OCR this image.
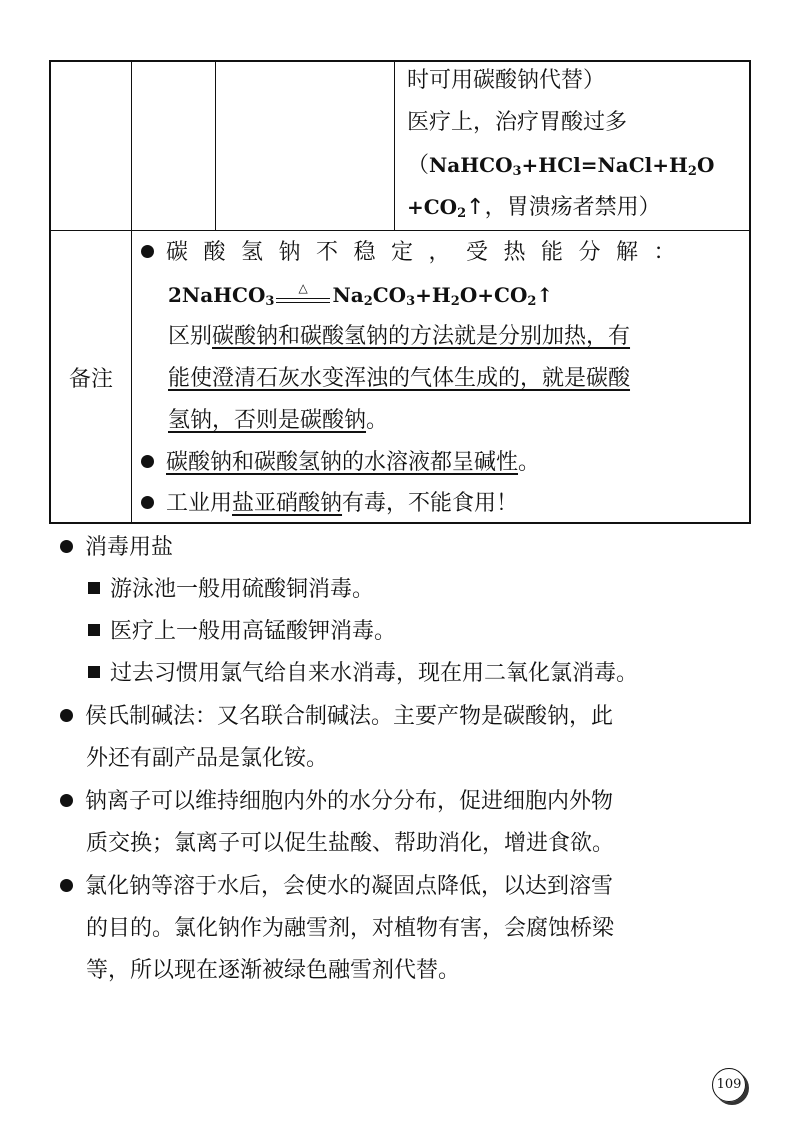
时可用碳酸钠代替）
医疗上，治疗胃酸过多
（$NaHCO_3+HCl=NaCl+H_2O$
$+CO_2↑$，胃溃疡者禁用）
备注
碳酸氢钠不稳定，受热能分解：
2NaHCO$_3$
△ $Na_2CO_3+H_2O+CO_2↑$
区别碳酸钠和碳酸氢钠的方法就是分别加热，有
能使澄清石灰水变浑浊的气体生成的，就是碳酸
氢钠，否则是碳酸钠。
碳酸钠和碳酸氢钠的水溶液都呈碱性。
工业用盐亚硝酸钠有毒，不能食用！
消毒用盐
游泳池一般用硫酸铜消毒。
医疗上一般用高锰酸钾消毒。
过去习惯用氯气给自来水消毒，现在用二氧化氯消毒。
侯氏制碱法：又名联合制碱法。主要产物是碳酸钠，此
外还有副产品是氯化铵。
钠离子可以维持细胞内外的水分分布，促进细胞内外物
质交换；氯离子可以促生盐酸、帮助消化，增进食欲。
氯化钠等溶于水后，会使水的凝固点降低，以达到溶雪
的目的。氯化钠作为融雪剂，对植物有害，会腐蚀桥梁
等，所以现在逐渐被绿色融雪剂代替。
109
